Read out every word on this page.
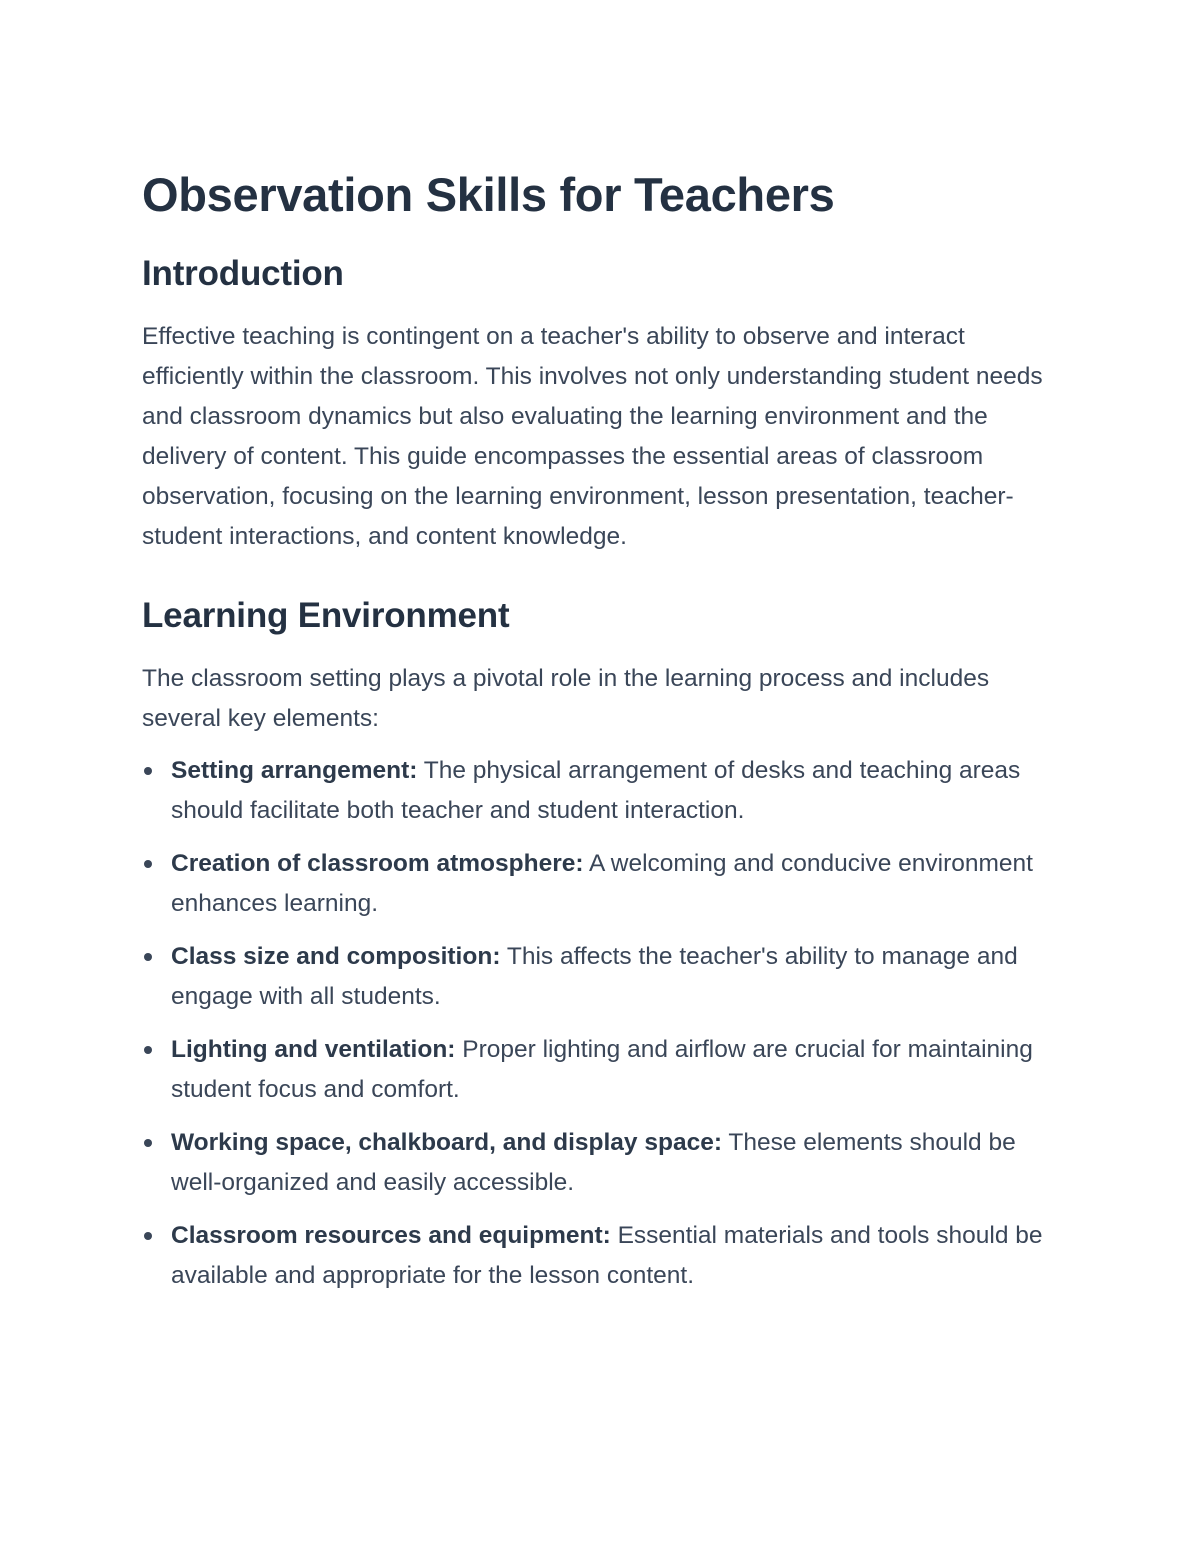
Observation Skills for Teachers
Introduction

Effective teaching is contingent on a teacher's ability to observe and interact efficiently within the classroom. This involves not only understanding student needs and classroom dynamics but also evaluating the learning environment and the delivery of content. This guide encompasses the essential areas of classroom observation, focusing on the learning environment, lesson presentation, teacher-student interactions, and content knowledge.

Learning Environment

The classroom setting plays a pivotal role in the learning process and includes several key elements:

Setting arrangement: The physical arrangement of desks and teaching areas should facilitate both teacher and student interaction.
Creation of classroom atmosphere: A welcoming and conducive environment enhances learning.
Class size and composition: This affects the teacher's ability to manage and engage with all students.
Lighting and ventilation: Proper lighting and airflow are crucial for maintaining student focus and comfort.
Working space, chalkboard, and display space: These elements should be well-organized and easily accessible.
Classroom resources and equipment: Essential materials and tools should be available and appropriate for the lesson content.
